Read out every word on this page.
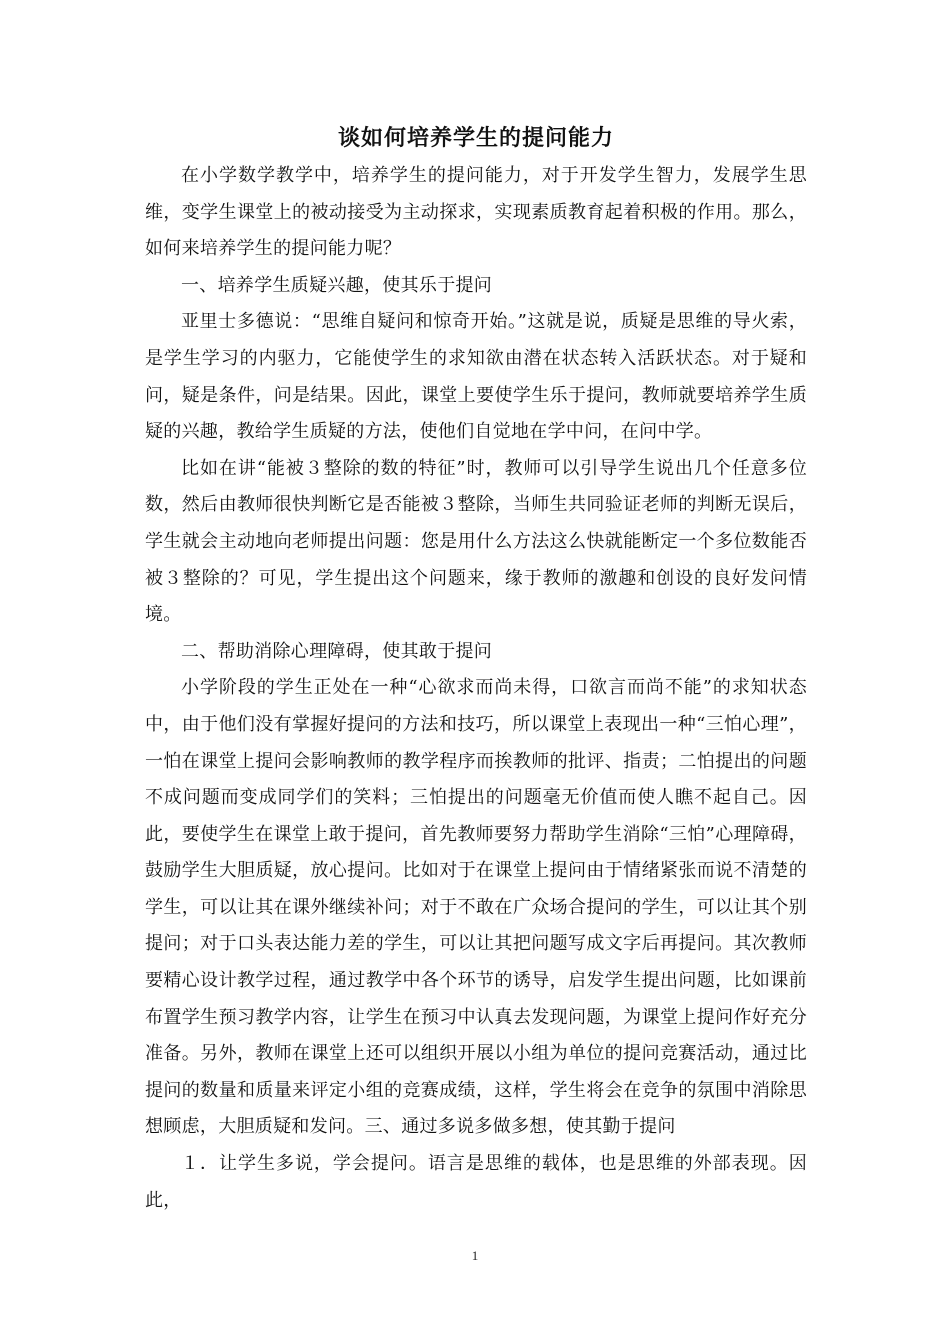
谈如何培养学生的提问能力

在小学数学教学中，培养学生的提问能力，对于开发学生智力，发展学生思维，变学生课堂上的被动接受为主动探求，实现素质教育起着积极的作用。那么，如何来培养学生的提问能力呢？

一、培养学生质疑兴趣，使其乐于提问

亚里士多德说：“思维自疑问和惊奇开始。”这就是说，质疑是思维的导火索，是学生学习的内驱力，它能使学生的求知欲由潜在状态转入活跃状态。对于疑和问，疑是条件，问是结果。因此，课堂上要使学生乐于提问，教师就要培养学生质疑的兴趣，教给学生质疑的方法，使他们自觉地在学中问，在问中学。

比如在讲“能被３整除的数的特征”时，教师可以引导学生说出几个任意多位数，然后由教师很快判断它是否能被３整除，当师生共同验证老师的判断无误后，学生就会主动地向老师提出问题：您是用什么方法这么快就能断定一个多位数能否被３整除的？可见，学生提出这个问题来，缘于教师的激趣和创设的良好发问情境。

二、帮助消除心理障碍，使其敢于提问

小学阶段的学生正处在一种“心欲求而尚未得，口欲言而尚不能”的求知状态中，由于他们没有掌握好提问的方法和技巧，所以课堂上表现出一种“三怕心理”，一怕在课堂上提问会影响教师的教学程序而挨教师的批评、指责；二怕提出的问题不成问题而变成同学们的笑料；三怕提出的问题毫无价值而使人瞧不起自己。因此，要使学生在课堂上敢于提问，首先教师要努力帮助学生消除“三怕”心理障碍，鼓励学生大胆质疑，放心提问。比如对于在课堂上提问由于情绪紧张而说不清楚的学生，可以让其在课外继续补问；对于不敢在广众场合提问的学生，可以让其个别提问；对于口头表达能力差的学生，可以让其把问题写成文字后再提问。其次教师要精心设计教学过程，通过教学中各个环节的诱导，启发学生提出问题，比如课前布置学生预习教学内容，让学生在预习中认真去发现问题，为课堂上提问作好充分准备。另外，教师在课堂上还可以组织开展以小组为单位的提问竞赛活动，通过比提问的数量和质量来评定小组的竞赛成绩，这样，学生将会在竞争的氛围中消除思想顾虑，大胆质疑和发问。三、通过多说多做多想，使其勤于提问

１．让学生多说，学会提问。语言是思维的载体，也是思维的外部表现。因此，

1
